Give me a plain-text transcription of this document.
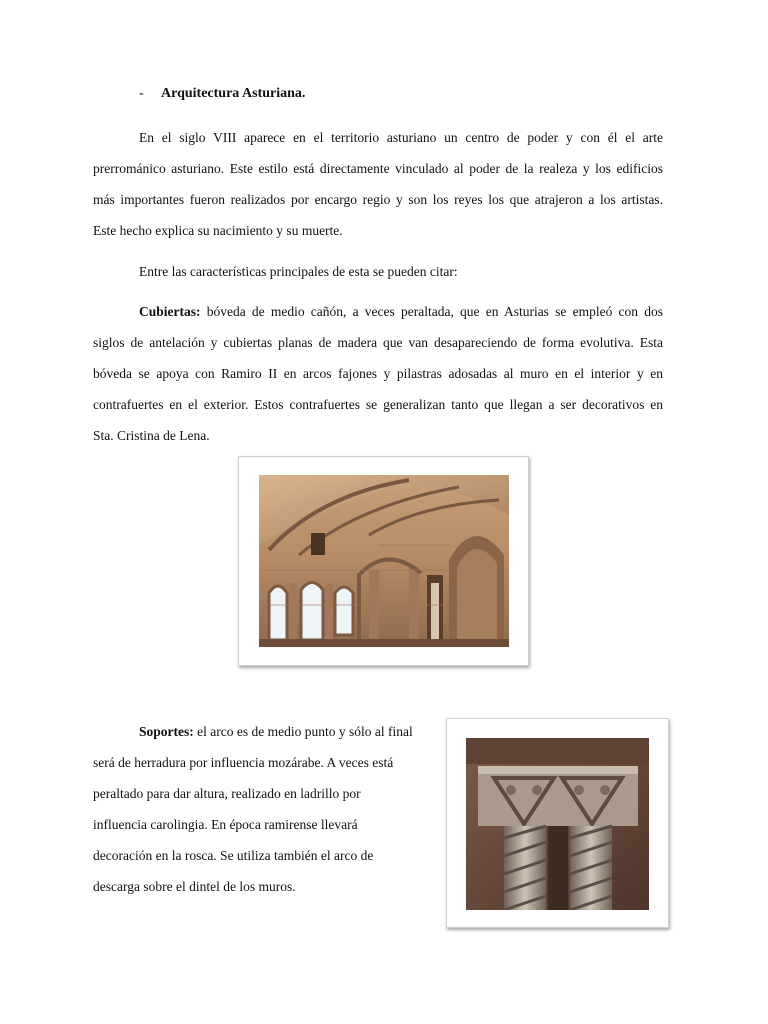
- Arquitectura Asturiana.

En el siglo VIII aparece en el territorio asturiano un centro de poder y con él el arte
prerrománico asturiano. Este estilo está directamente vinculado al poder de la realeza y los edificios
más importantes fueron realizados por encargo regio y son los reyes los que atrajeron a los artistas.
Este hecho explica su nacimiento y su muerte.

Entre las características principales de esta se pueden citar:

Cubiertas: bóveda de medio cañón, a veces peraltada, que en Asturias se empleó con dos
siglos de antelación y cubiertas planas de madera que van desapareciendo de forma evolutiva. Esta
bóveda se apoya con Ramiro II en arcos fajones y pilastras adosadas al muro en el interior y en
contrafuertes en el exterior. Estos contrafuertes se generalizan tanto que llegan a ser decorativos en
Sta. Cristina de Lena.

Soportes: el arco es de medio punto y sólo al final
será de herradura por influencia mozárabe. A veces está
peraltado para dar altura, realizado en ladrillo por
influencia carolingia. En época ramirense llevará
decoración en la rosca. Se utiliza también el arco de
descarga sobre el dintel de los muros.
